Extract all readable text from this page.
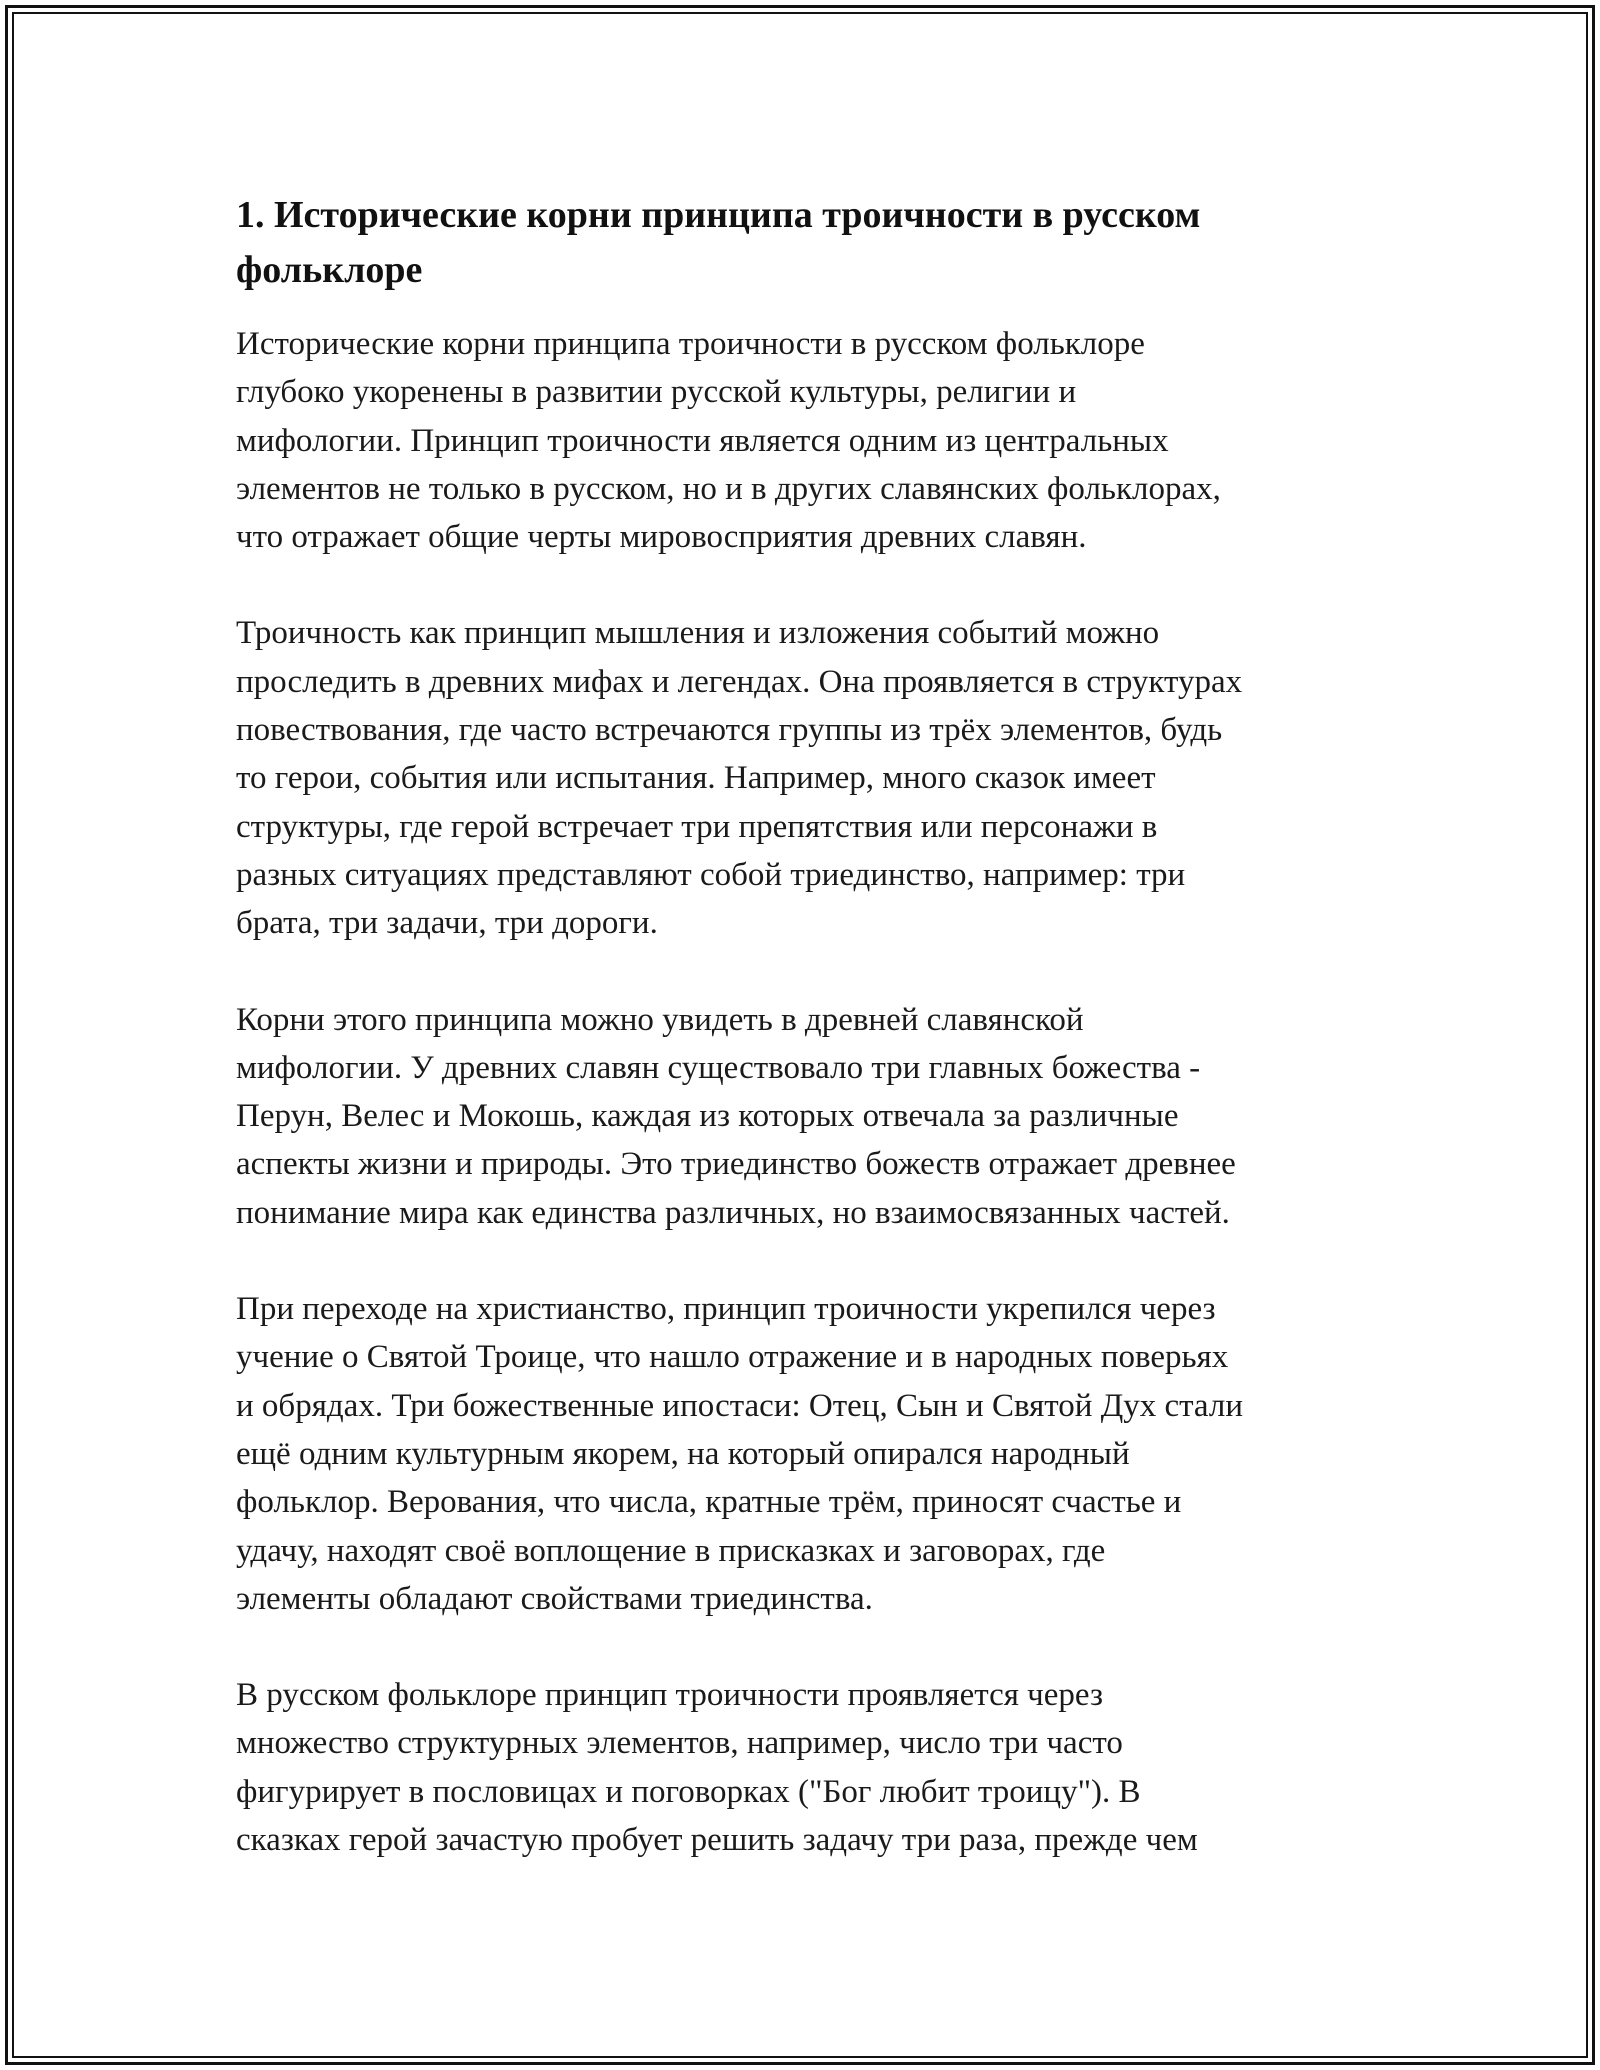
1. Исторические корни принципа троичности в русском
фольклоре

Исторические корни принципа троичности в русском фольклоре
глубоко укоренены в развитии русской культуры, религии и
мифологии. Принцип троичности является одним из центральных
элементов не только в русском, но и в других славянских фольклорах,
что отражает общие черты мировосприятия древних славян.

Троичность как принцип мышления и изложения событий можно
проследить в древних мифах и легендах. Она проявляется в структурах
повествования, где часто встречаются группы из трёх элементов, будь
то герои, события или испытания. Например, много сказок имеет
структуры, где герой встречает три препятствия или персонажи в
разных ситуациях представляют собой триединство, например: три
брата, три задачи, три дороги.

Корни этого принципа можно увидеть в древней славянской
мифологии. У древних славян существовало три главных божества -
Перун, Велес и Мокошь, каждая из которых отвечала за различные
аспекты жизни и природы. Это триединство божеств отражает древнее
понимание мира как единства различных, но взаимосвязанных частей.

При переходе на христианство, принцип троичности укрепился через
учение о Святой Троице, что нашло отражение и в народных поверьях
и обрядах. Три божественные ипостаси: Отец, Сын и Святой Дух стали
ещё одним культурным якорем, на который опирался народный
фольклор. Верования, что числа, кратные трём, приносят счастье и
удачу, находят своё воплощение в присказках и заговорах, где
элементы обладают свойствами триединства.

В русском фольклоре принцип троичности проявляется через
множество структурных элементов, например, число три часто
фигурирует в пословицах и поговорках ("Бог любит троицу"). В
сказках герой зачастую пробует решить задачу три раза, прежде чем
